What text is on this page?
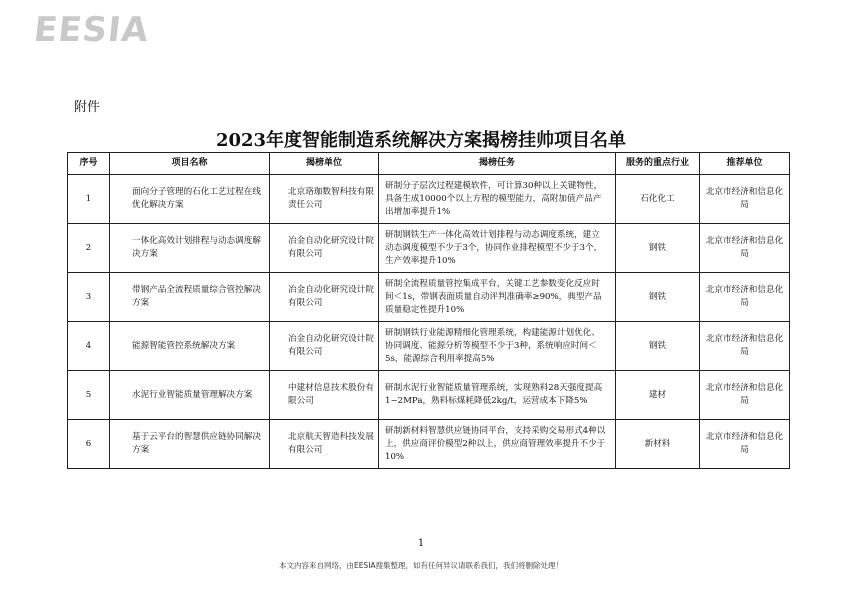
EESIA
附件
2023年度智能制造系统解决方案揭榜挂帅项目名单
序号	项目名称	揭榜单位	揭榜任务	服务的重点行业	推荐单位
1	面向分子管理的石化工艺过程在线优化解决方案	北京珞珈数智科技有限责任公司	研制分子层次过程建模软件，可计算30种以上关键物性，具备生成10000个以上方程的模型能力，高附加值产品产出增加率提升1%	石化化工	北京市经济和信息化局
2	一体化高效计划排程与动态调度解决方案	冶金自动化研究设计院有限公司	研制钢铁生产一体化高效计划排程与动态调度系统，建立动态调度模型不少于3个，协同作业排程模型不少于3个，生产效率提升10%	钢铁	北京市经济和信息化局
3	带钢产品全流程质量综合管控解决方案	冶金自动化研究设计院有限公司	研制全流程质量管控集成平台，关键工艺参数变化反应时间＜1s，带钢表面质量自动评判准确率≥90%，典型产品质量稳定性提升10%	钢铁	北京市经济和信息化局
4	能源智能管控系统解决方案	冶金自动化研究设计院有限公司	研制钢铁行业能源精细化管理系统，构建能源计划优化、协同调度、能源分析等模型不少于3种，系统响应时间＜5s，能源综合利用率提高5%	钢铁	北京市经济和信息化局
5	水泥行业智能质量管理解决方案	中建材信息技术股份有限公司	研制水泥行业智能质量管理系统，实现熟料28天强度提高1~2MPa，熟料标煤耗降低2kg/t，运营成本下降5%	建材	北京市经济和信息化局
6	基于云平台的智慧供应链协同解决方案	北京航天智造科技发展有限公司	研制新材料智慧供应链协同平台，支持采购交易形式4种以上，供应商评价模型2种以上，供应商管理效率提升不少于10%	新材料	北京市经济和信息化局
1
本文内容来自网络，由EESIA搜集整理，如有任何异议请联系我们，我们将删除处理！
